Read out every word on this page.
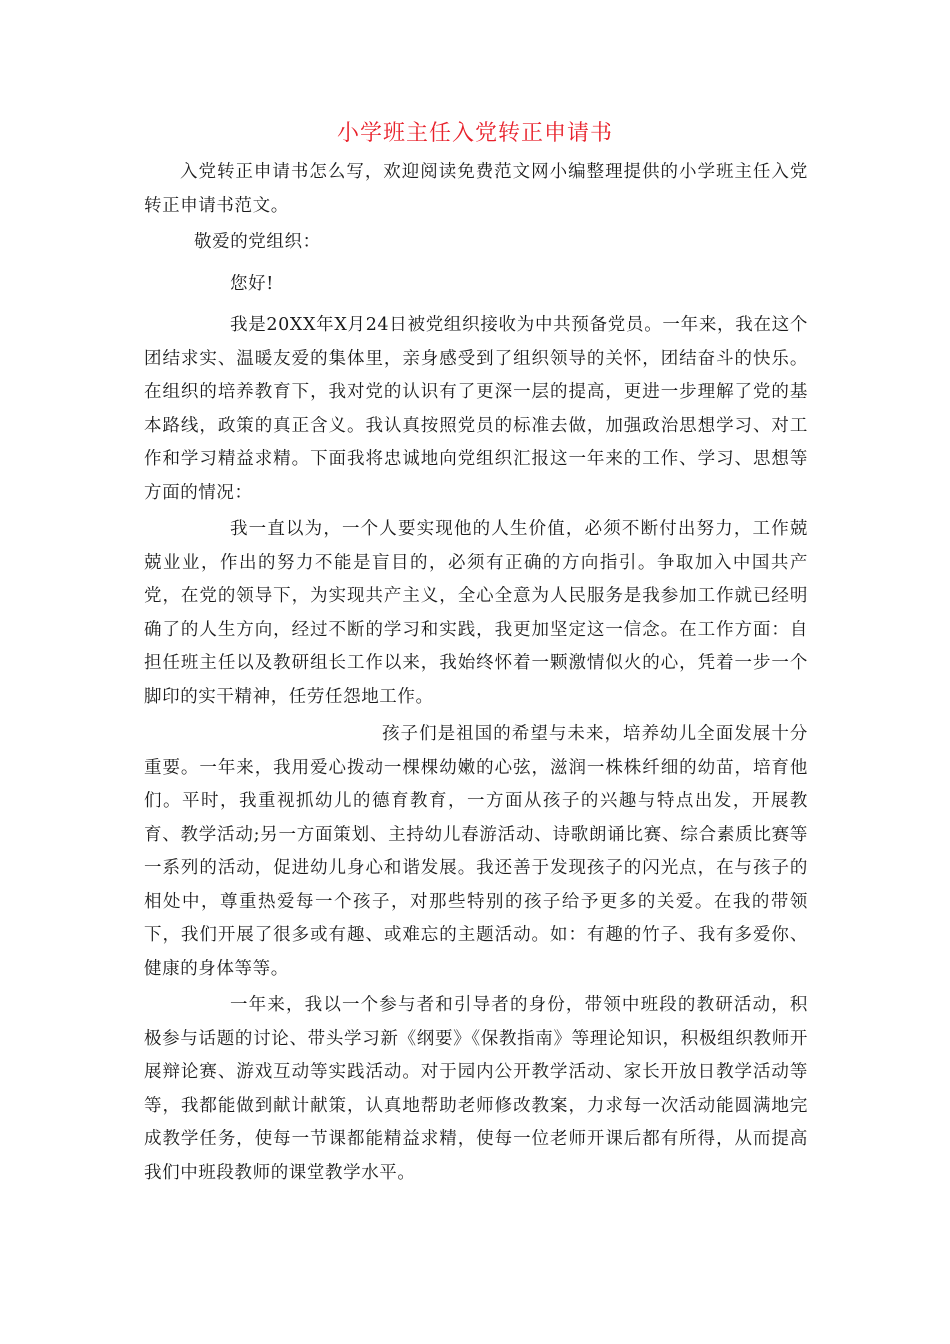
小学班主任入党转正申请书

入党转正申请书怎么写，欢迎阅读免费范文网小编整理提供的小学班主任入党转正申请书范文。

敬爱的党组织：

您好!

我是20XX年X月24日被党组织接收为中共预备党员。一年来，我在这个团结求实、温暖友爱的集体里，亲身感受到了组织领导的关怀，团结奋斗的快乐。在组织的培养教育下，我对党的认识有了更深一层的提高，更进一步理解了党的基本路线，政策的真正含义。我认真按照党员的标准去做，加强政治思想学习、对工作和学习精益求精。下面我将忠诚地向党组织汇报这一年来的工作、学习、思想等方面的情况：

我一直以为，一个人要实现他的人生价值，必须不断付出努力，工作兢兢业业，作出的努力不能是盲目的，必须有正确的方向指引。争取加入中国共产党，在党的领导下，为实现共产主义，全心全意为人民服务是我参加工作就已经明确了的人生方向，经过不断的学习和实践，我更加坚定这一信念。在工作方面：自担任班主任以及教研组长工作以来，我始终怀着一颗激情似火的心，凭着一步一个脚印的实干精神，任劳任怨地工作。

孩子们是祖国的希望与未来，培养幼儿全面发展十分重要。一年来，我用爱心拨动一棵棵幼嫩的心弦，滋润一株株纤细的幼苗，培育他们。平时，我重视抓幼儿的德育教育，一方面从孩子的兴趣与特点出发，开展教育、教学活动;另一方面策划、主持幼儿春游活动、诗歌朗诵比赛、综合素质比赛等一系列的活动，促进幼儿身心和谐发展。我还善于发现孩子的闪光点，在与孩子的相处中，尊重热爱每一个孩子，对那些特别的孩子给予更多的关爱。在我的带领下，我们开展了很多或有趣、或难忘的主题活动。如：有趣的竹子、我有多爱你、健康的身体等等。

一年来，我以一个参与者和引导者的身份，带领中班段的教研活动，积极参与话题的讨论、带头学习新《纲要》《保教指南》等理论知识，积极组织教师开展辩论赛、游戏互动等实践活动。对于园内公开教学活动、家长开放日教学活动等等，我都能做到献计献策，认真地帮助老师修改教案，力求每一次活动能圆满地完成教学任务，使每一节课都能精益求精，使每一位老师开课后都有所得，从而提高我们中班段教师的课堂教学水平。
